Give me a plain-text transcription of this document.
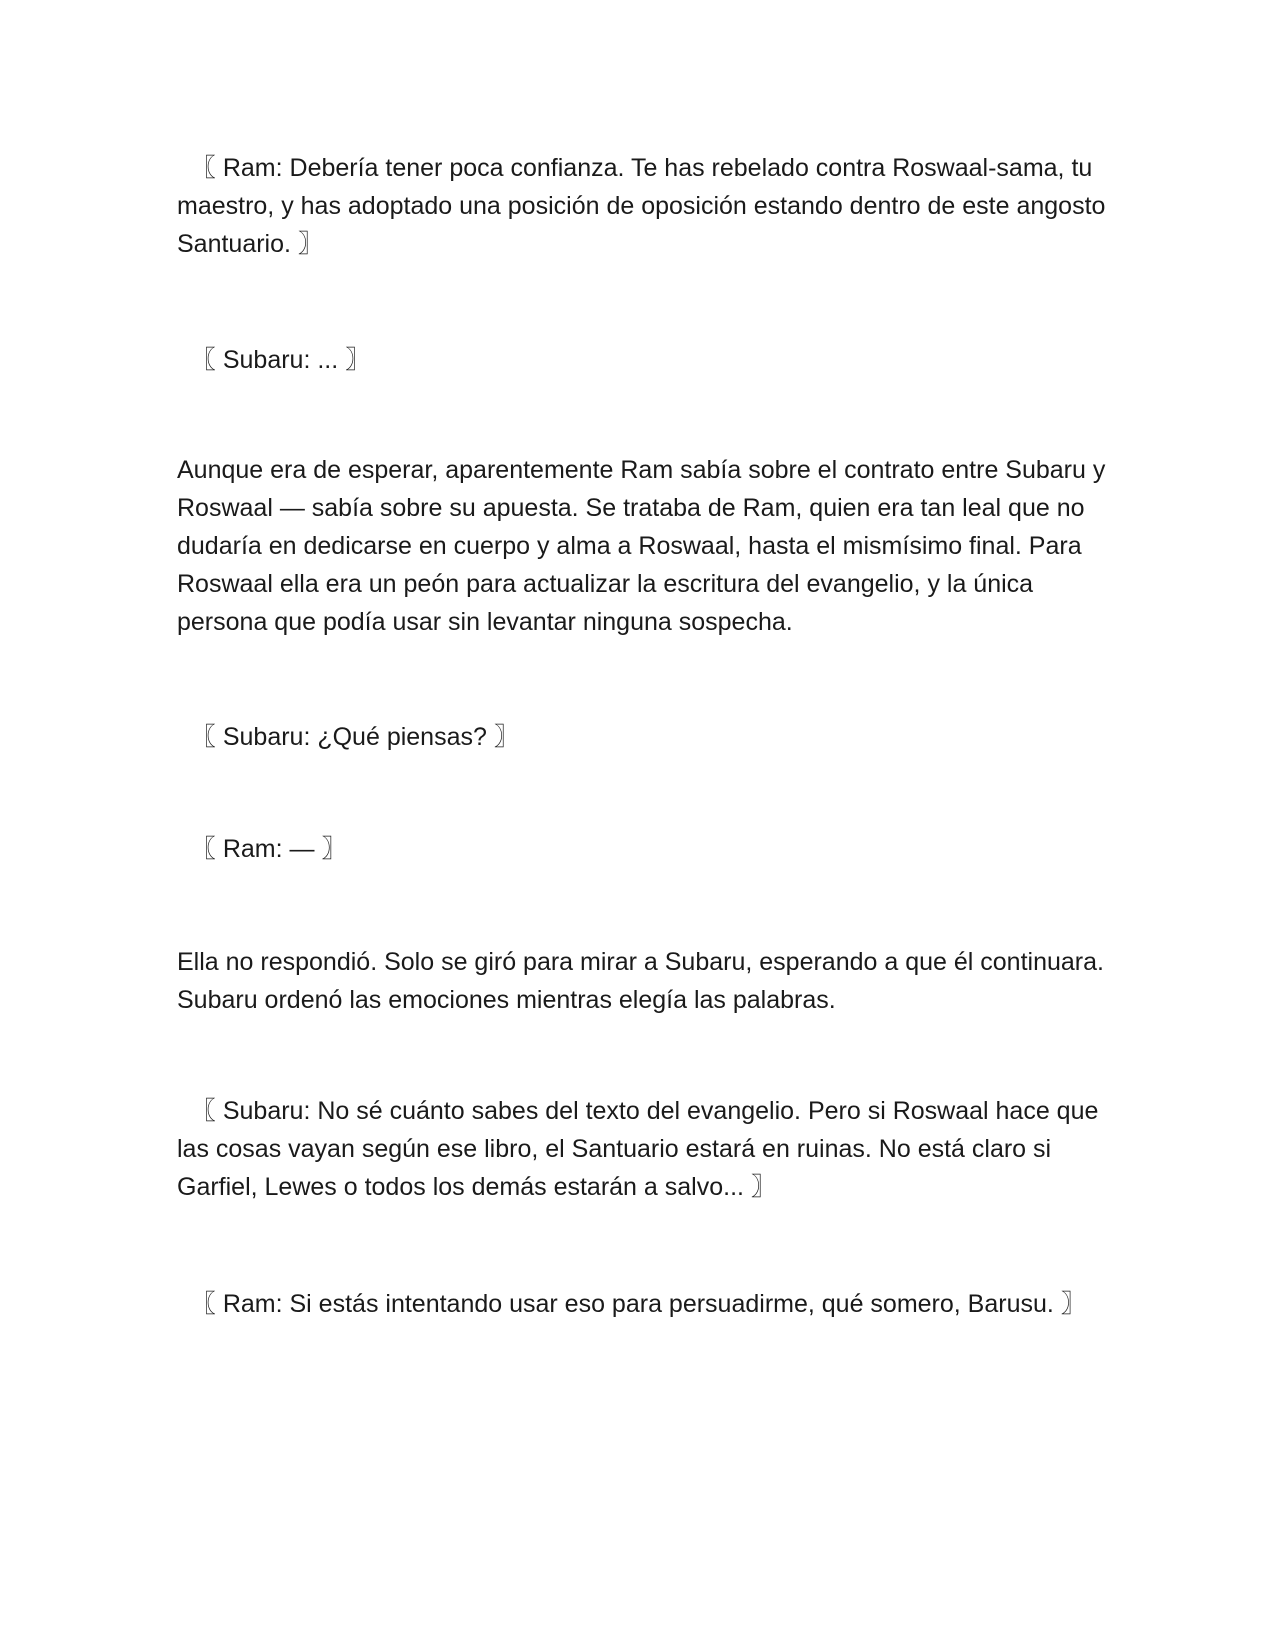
〖 Ram: Debería tener poca confianza. Te has rebelado contra Roswaal-sama, tu maestro, y has adoptado una posición de oposición estando dentro de este angosto Santuario. 〗

〖 Subaru: ... 〗

Aunque era de esperar, aparentemente Ram sabía sobre el contrato entre Subaru y Roswaal — sabía sobre su apuesta. Se trataba de Ram, quien era tan leal que no dudaría en dedicarse en cuerpo y alma a Roswaal, hasta el mismísimo final. Para Roswaal ella era un peón para actualizar la escritura del evangelio, y la única persona que podía usar sin levantar ninguna sospecha.

〖 Subaru: ¿Qué piensas? 〗

〖 Ram: — 〗

Ella no respondió. Solo se giró para mirar a Subaru, esperando a que él continuara. Subaru ordenó las emociones mientras elegía las palabras.

〖 Subaru: No sé cuánto sabes del texto del evangelio. Pero si Roswaal hace que las cosas vayan según ese libro, el Santuario estará en ruinas. No está claro si Garfiel, Lewes o todos los demás estarán a salvo... 〗

〖 Ram: Si estás intentando usar eso para persuadirme, qué somero, Barusu. 〗
